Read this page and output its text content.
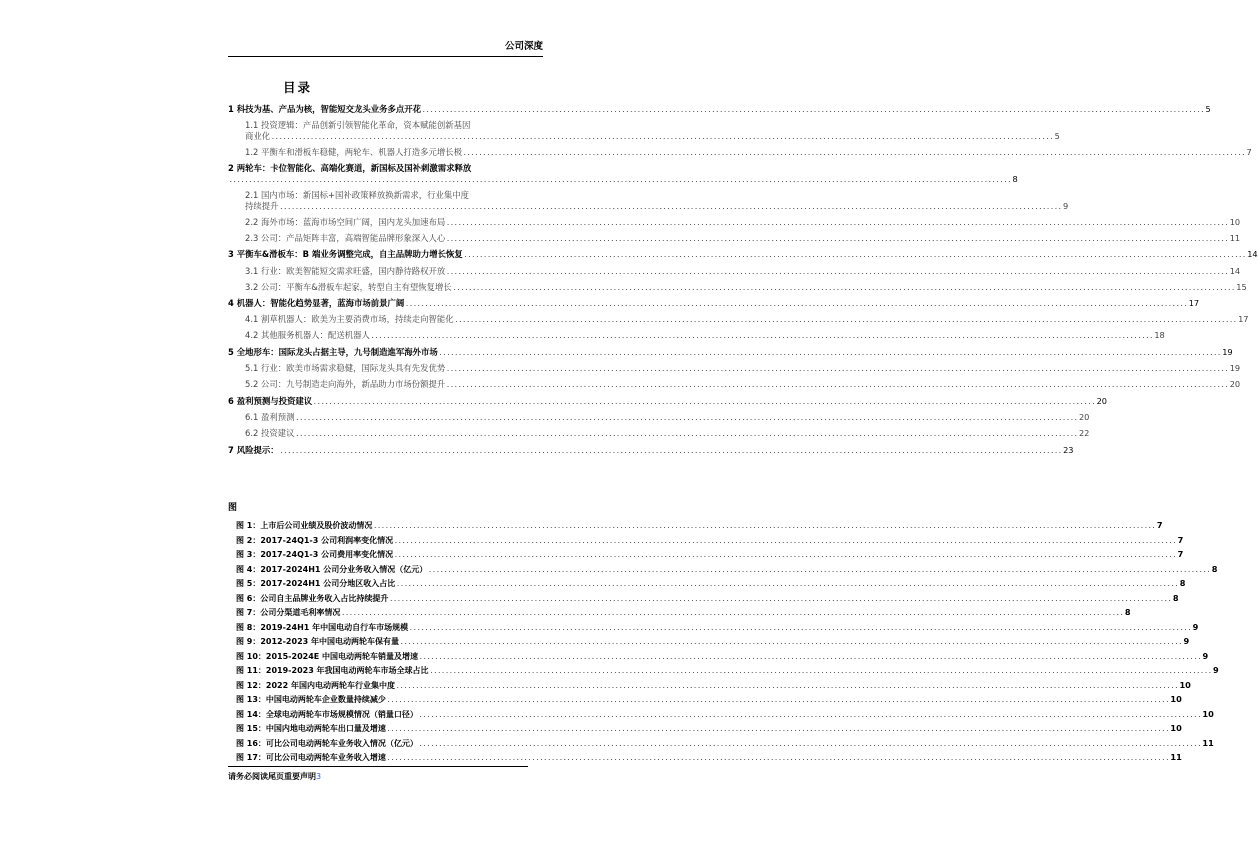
公司深度
目录
1 科技为基、产品为核，智能短交龙头业务多点开花 ........................................................................................................................................................................................................ 5
1.1 投资逻辑：产品创新引领智能化革命，资本赋能创新基因
商业化 ........................................................................................................................................................................................................ 5
1.2 平衡车和滑板车稳健，两轮车、机器人打造多元增长极 ........................................................................................................................................................................................................ 7
2 两轮车：卡位智能化、高端化赛道，新国标及国补刺激需求释放
........................................................................................................................................................................................................ 8
2.1 国内市场：新国标+国补政策释放换新需求，行业集中度
持续提升 ........................................................................................................................................................................................................ 9
2.2 海外市场：蓝海市场空间广阔，国内龙头加速布局 ........................................................................................................................................................................................................ 10
2.3 公司：产品矩阵丰富，高端智能品牌形象深入人心 ........................................................................................................................................................................................................ 11
3 平衡车&滑板车：B 端业务调整完成，自主品牌助力增长恢复 ........................................................................................................................................................................................................ 14
3.1 行业：欧美智能短交需求旺盛，国内静待路权开放 ........................................................................................................................................................................................................ 14
3.2 公司：平衡车&滑板车起家，转型自主有望恢复增长 ........................................................................................................................................................................................................ 15
4 机器人：智能化趋势显著，蓝海市场前景广阔 ........................................................................................................................................................................................................ 17
4.1 割草机器人：欧美为主要消费市场，持续走向智能化 ........................................................................................................................................................................................................ 17
4.2 其他服务机器人：配送机器人 ........................................................................................................................................................................................................ 18
5 全地形车：国际龙头占据主导，九号制造進军海外市场 ........................................................................................................................................................................................................ 19
5.1 行业：欧美市场需求稳健，国际龙头具有先发优势 ........................................................................................................................................................................................................ 19
5.2 公司：九号制造走向海外，新品助力市场份额提升 ........................................................................................................................................................................................................ 20
6 盈利预测与投资建议 ........................................................................................................................................................................................................ 20
6.1 盈利预测 ........................................................................................................................................................................................................ 20
6.2 投资建议 ........................................................................................................................................................................................................ 22
7 风险提示： ........................................................................................................................................................................................................ 23
图
图 1：上市后公司业绩及股价波动情况 ........................................................................................................................................................................................................ 7
图 2：2017-24Q1-3 公司利润率变化情况 ........................................................................................................................................................................................................ 7
图 3：2017-24Q1-3 公司费用率变化情况 ........................................................................................................................................................................................................ 7
图 4：2017-2024H1 公司分业务收入情况（亿元） ........................................................................................................................................................................................................ 8
图 5：2017-2024H1 公司分地区收入占比 ........................................................................................................................................................................................................ 8
图 6：公司自主品牌业务收入占比持续提升 ........................................................................................................................................................................................................ 8
图 7：公司分渠道毛利率情况 ........................................................................................................................................................................................................ 8
图 8：2019-24H1 年中国电动自行车市场规模 ........................................................................................................................................................................................................ 9
图 9：2012-2023 年中国电动两轮车保有量 ........................................................................................................................................................................................................ 9
图 10：2015-2024E 中国电动两轮车销量及增速 ........................................................................................................................................................................................................ 9
图 11：2019-2023 年我国电动两轮车市场全球占比 ........................................................................................................................................................................................................ 9
图 12：2022 年国内电动两轮车行业集中度 ........................................................................................................................................................................................................ 10
图 13：中国电动两轮车企业数量持续减少 ........................................................................................................................................................................................................ 10
图 14：全球电动两轮车市场规模情况（销量口径） ........................................................................................................................................................................................................ 10
图 15：中国内地电动两轮车出口量及增速 ........................................................................................................................................................................................................ 10
图 16：可比公司电动两轮车业务收入情况（亿元） ........................................................................................................................................................................................................ 11
图 17：可比公司电动两轮车业务收入增速 ........................................................................................................................................................................................................ 11
请务必阅读尾页重要声明3
